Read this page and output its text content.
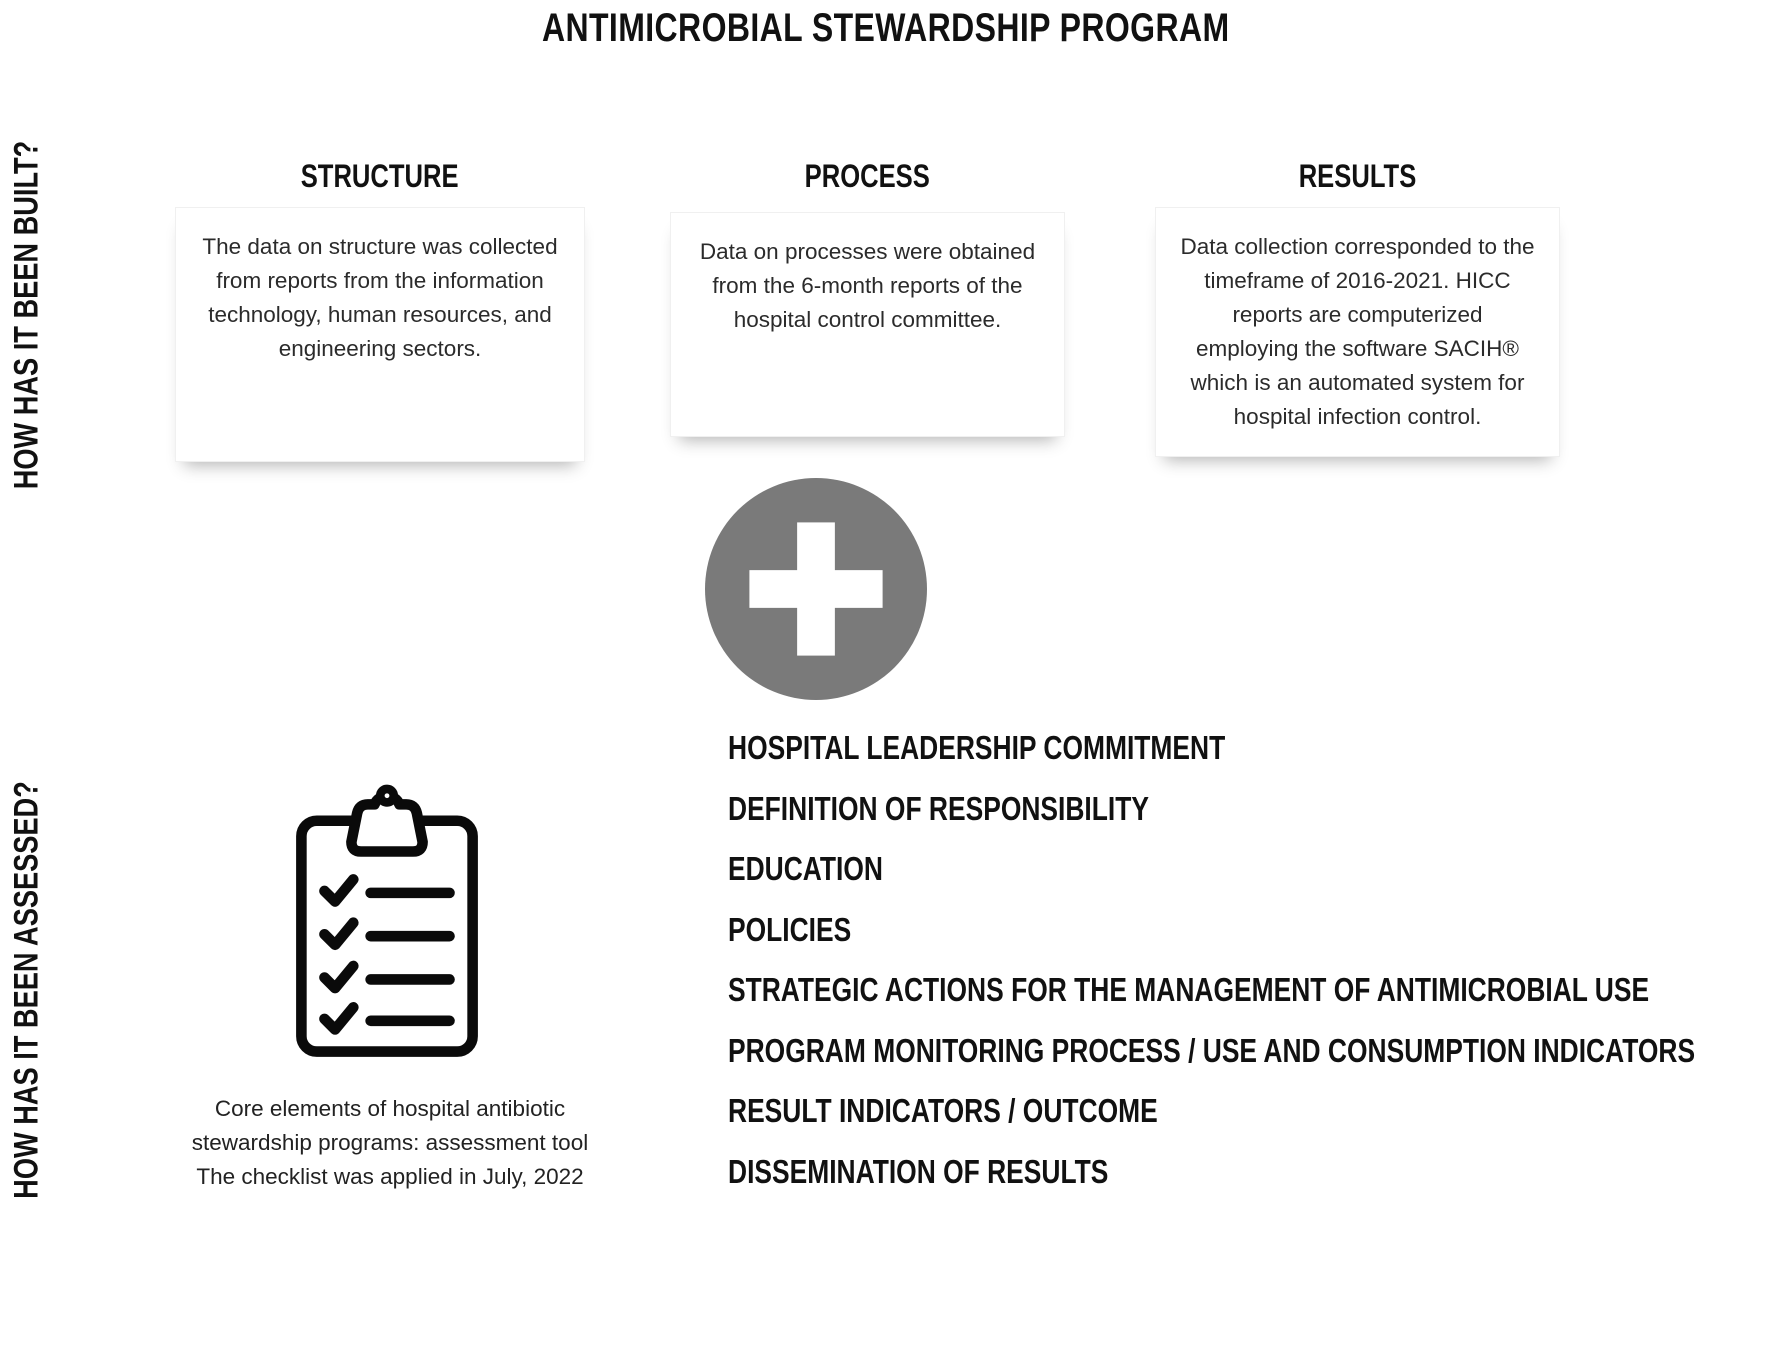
ANTIMICROBIAL STEWARDSHIP PROGRAM
HOW HAS IT BEEN BUILT?
HOW HAS IT BEEN ASSESSED?
STRUCTURE	PROCESS	RESULTS
The data on structure was collected from reports from the information technology, human resources, and engineering sectors.
Data on processes were obtained from the 6-month reports of the hospital control committee.
Data collection corresponded to the timeframe of 2016-2021. HICC reports are computerized employing the software SACIH® which is an automated system for hospital infection control.
Core elements of hospital antibiotic stewardship programs: assessment tool
The checklist was applied in July, 2022
HOSPITAL LEADERSHIP COMMITMENT
DEFINITION OF RESPONSIBILITY
EDUCATION
POLICIES
STRATEGIC ACTIONS FOR THE MANAGEMENT OF ANTIMICROBIAL USE
PROGRAM MONITORING PROCESS / USE AND CONSUMPTION INDICATORS
RESULT INDICATORS / OUTCOME
DISSEMINATION OF RESULTS
